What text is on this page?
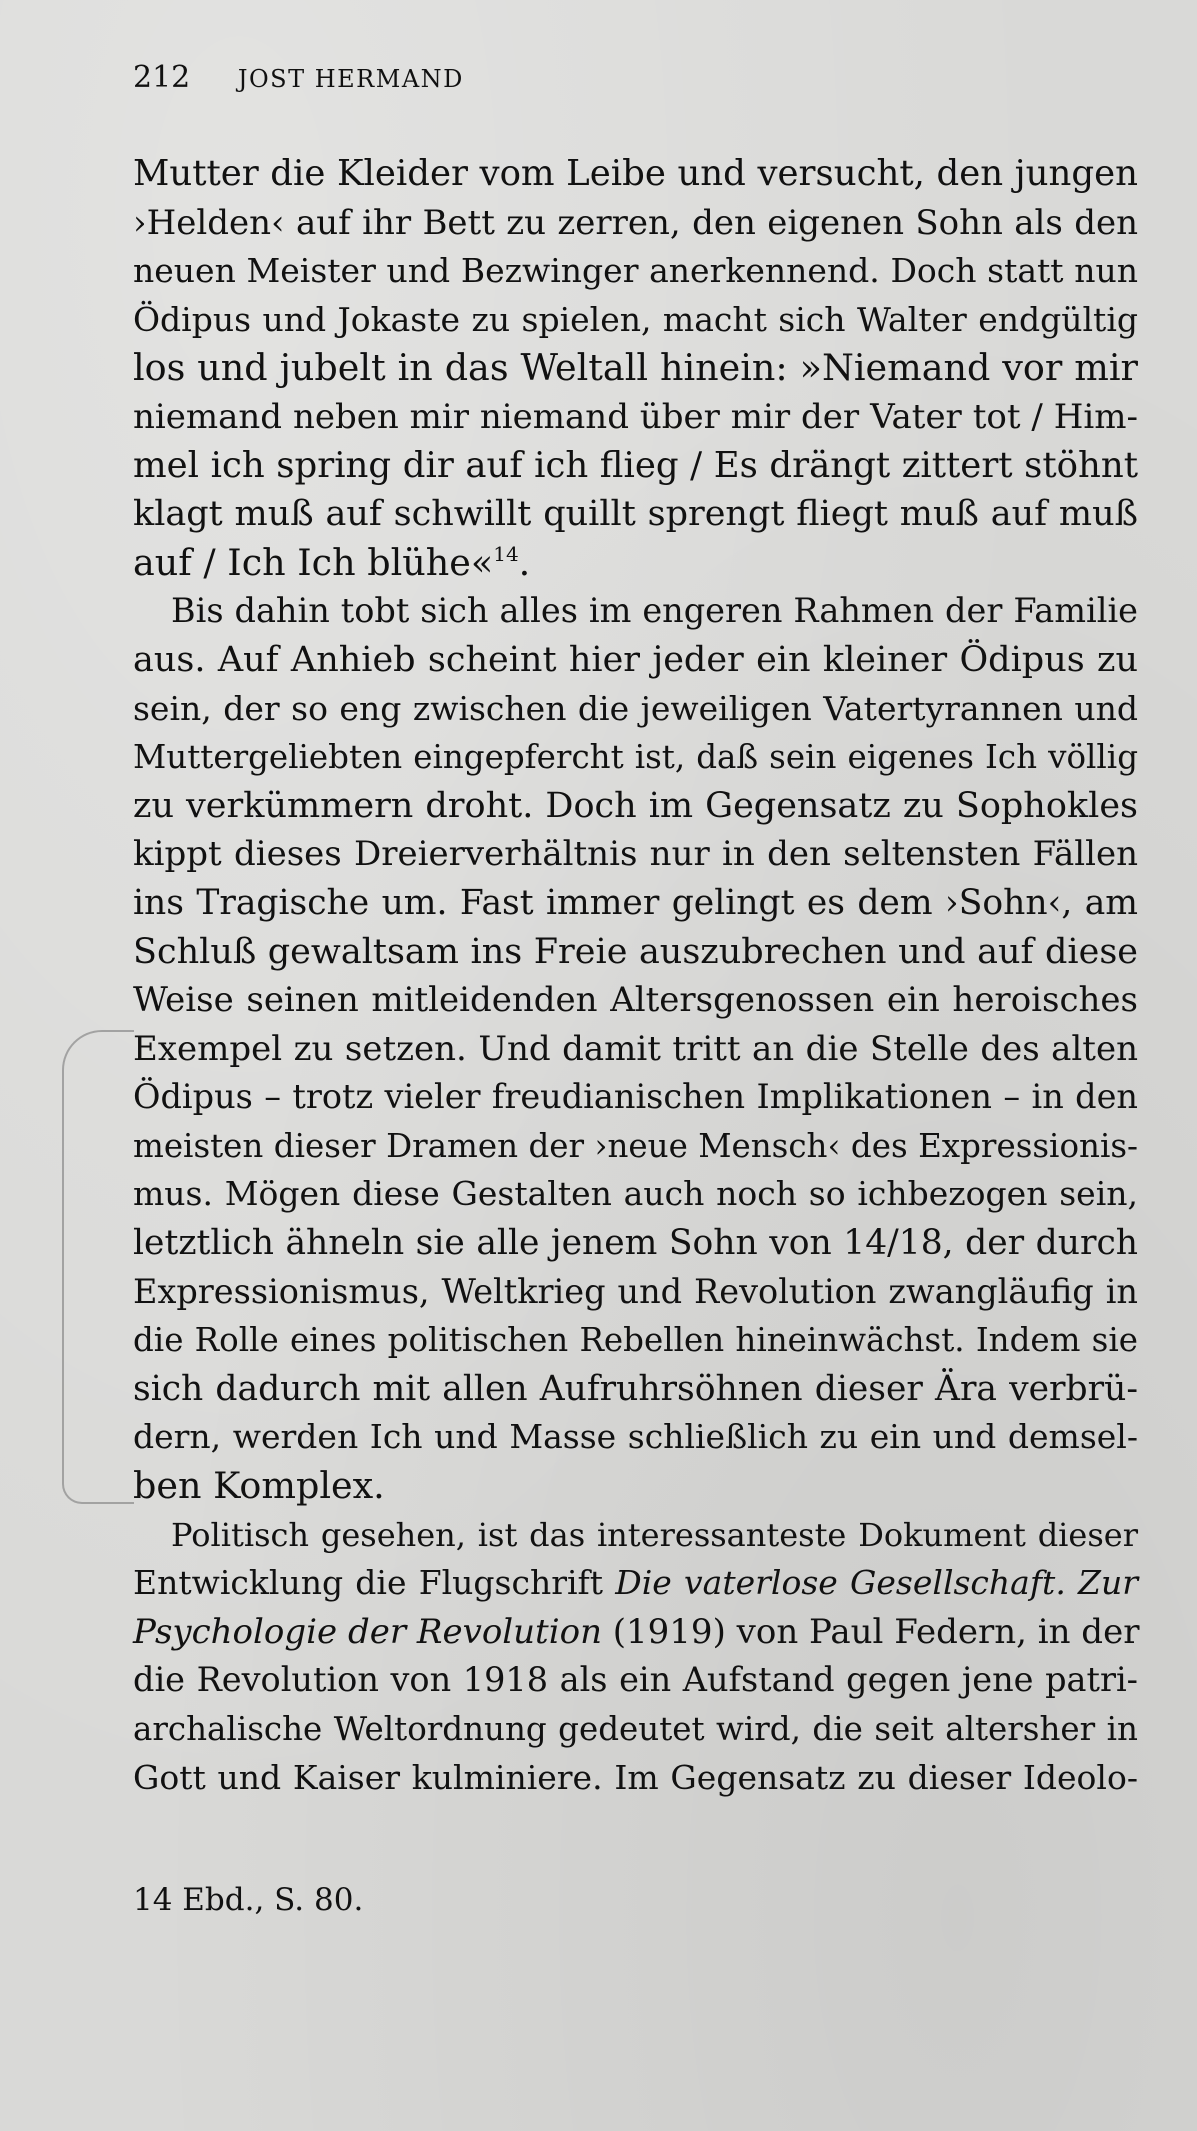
212 JOST HERMAND
Mutter die Kleider vom Leibe und versucht, den jungen
›Helden‹ auf ihr Bett zu zerren, den eigenen Sohn als den
neuen Meister und Bezwinger anerkennend. Doch statt nun
Ödipus und Jokaste zu spielen, macht sich Walter endgültig
los und jubelt in das Weltall hinein: »Niemand vor mir
niemand neben mir niemand über mir der Vater tot / Him-
mel ich spring dir auf ich flieg / Es drängt zittert stöhnt
klagt muß auf schwillt quillt sprengt fliegt muß auf muß
auf / Ich Ich blühe«$^{14}$.
Bis dahin tobt sich alles im engeren Rahmen der Familie
aus. Auf Anhieb scheint hier jeder ein kleiner Ödipus zu
sein, der so eng zwischen die jeweiligen Vatertyrannen und
Muttergeliebten eingepfercht ist, daß sein eigenes Ich völlig
zu verkümmern droht. Doch im Gegensatz zu Sophokles
kippt dieses Dreierverhältnis nur in den seltensten Fällen
ins Tragische um. Fast immer gelingt es dem ›Sohn‹, am
Schluß gewaltsam ins Freie auszubrechen und auf diese
Weise seinen mitleidenden Altersgenossen ein heroisches
Exempel zu setzen. Und damit tritt an die Stelle des alten
Ödipus – trotz vieler freudianischen Implikationen – in den
meisten dieser Dramen der ›neue Mensch‹ des Expressionis-
mus. Mögen diese Gestalten auch noch so ichbezogen sein,
letztlich ähneln sie alle jenem Sohn von 14/18, der durch
Expressionismus, Weltkrieg und Revolution zwangläufig in
die Rolle eines politischen Rebellen hineinwächst. Indem sie
sich dadurch mit allen Aufruhrsöhnen dieser Ära verbrü-
dern, werden Ich und Masse schließlich zu ein und demsel-
ben Komplex.
Politisch gesehen, ist das interessanteste Dokument dieser
Entwicklung die Flugschrift Die vaterlose Gesellschaft. Zur
Psychologie der Revolution (1919) von Paul Federn, in der
die Revolution von 1918 als ein Aufstand gegen jene patri-
archalische Weltordnung gedeutet wird, die seit altersher in
Gott und Kaiser kulminiere. Im Gegensatz zu dieser Ideolo-
14 Ebd., S. 80.
